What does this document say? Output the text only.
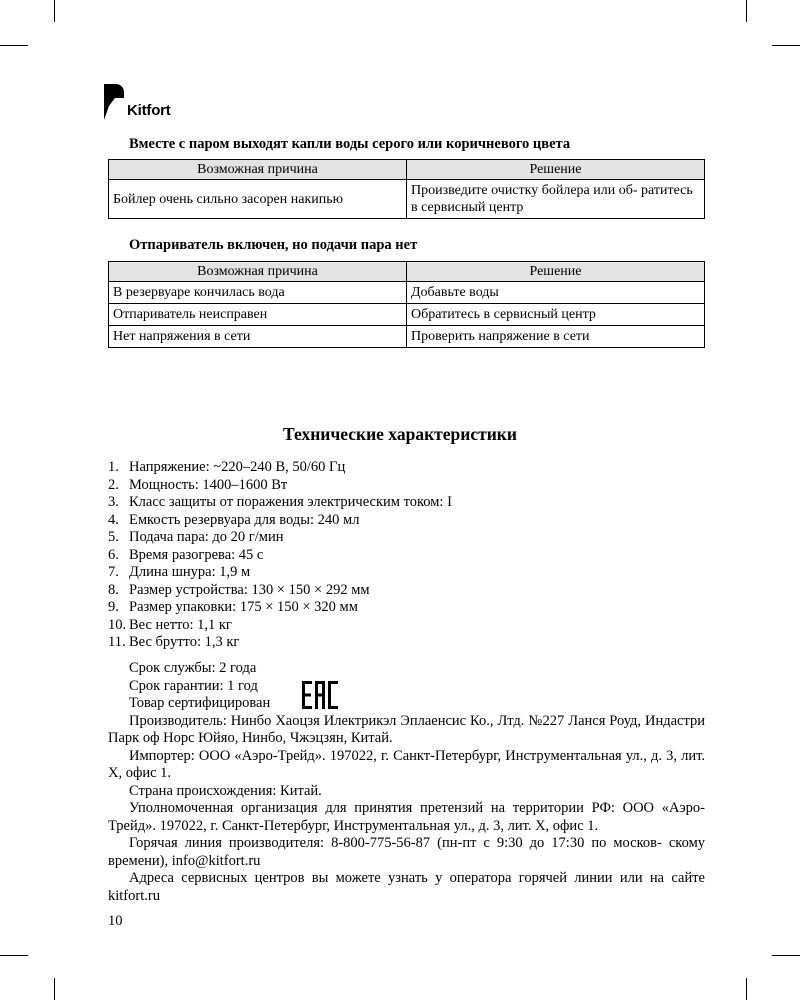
Kitfort
Вместе с паром выходят капли воды серого или коричневого цвета
Возможная причина	Решение
Бойлер очень сильно засорен накипью	Произведите очистку бойлера или об- ратитесь в сервисный центр
Отпариватель включен, но подачи пара нет
Возможная причина	Решение
В резервуаре кончилась вода	Добавьте воды
Отпариватель неисправен	Обратитесь в сервисный центр
Нет напряжения в сети	Проверить напряжение в сети
Технические характеристики
1. Напряжение: ~220–240 В, 50/60 Гц
2. Мощность: 1400–1600 Вт
3. Класс защиты от поражения электрическим током: I
4. Емкость резервуара для воды: 240 мл
5. Подача пара: до 20 г/мин
6. Время разогрева: 45 с
7. Длина шнура: 1,9 м
8. Размер устройства: 130 × 150 × 292 мм
9. Размер упаковки: 175 × 150 × 320 мм
10. Вес нетто: 1,1 кг
11. Вес брутто: 1,3 кг
Срок службы: 2 года
Срок гарантии: 1 год
Товар сертифицирован

Производитель: Нинбо Хаоцзя Илектрикэл Эплаенсис Ко., Лтд. №227 Ланся Роуд, Индастри Парк оф Норс Юйяо, Нинбо, Чжэцзян, Китай.

Импортер: ООО «Аэро-Трейд». 197022, г. Санкт-Петербург, Инструментальная ул., д. 3, лит. Х, офис 1.

Страна происхождения: Китай.

Уполномоченная организация для принятия претензий на территории РФ: ООО «Аэро-Трейд». 197022, г. Санкт-Петербург, Инструментальная ул., д. 3, лит. Х, офис 1.

Горячая линия производителя: 8-800-775-56-87 (пн-пт с 9:30 до 17:30 по москов- скому времени), info@kitfort.ru

Адреса сервисных центров вы можете узнать у оператора горячей линии или на сайте kitfort.ru

10
